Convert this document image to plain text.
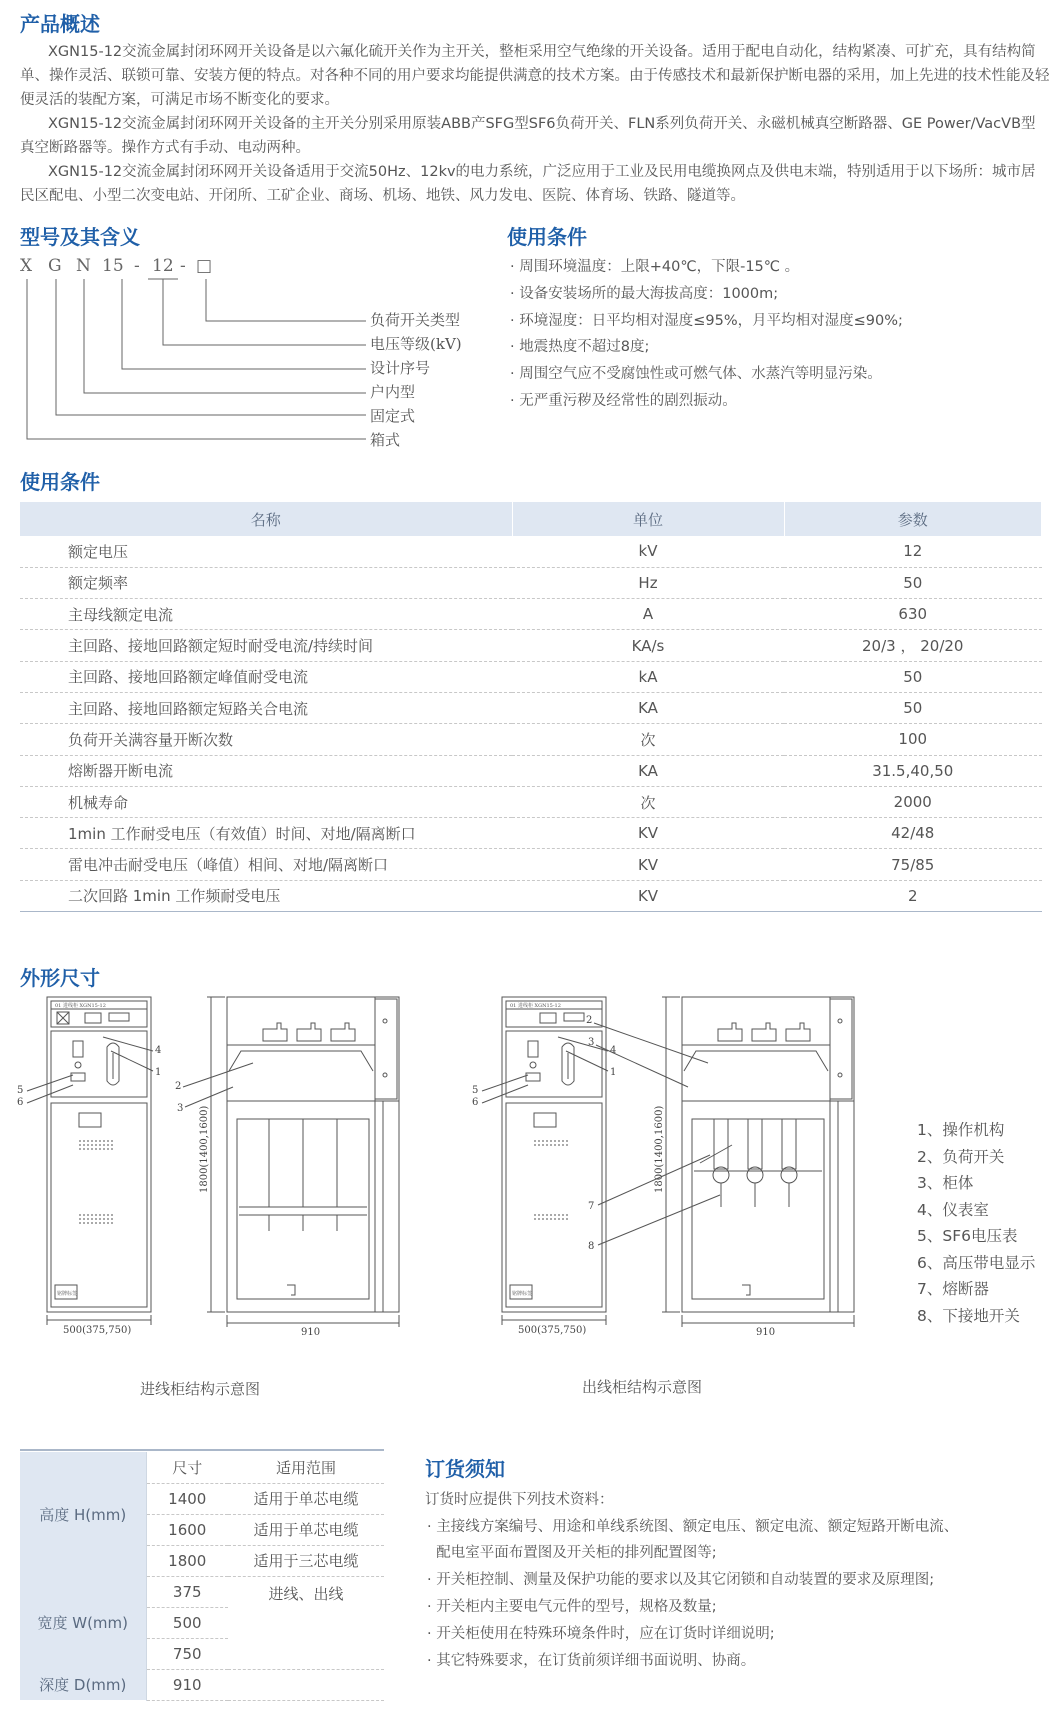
产品概述
XGN15-12交流金属封闭环网开关设备是以六氟化硫开关作为主开关，整柜采用空气绝缘的开关设备。适用于配电自动化，结构紧凑、可扩充，具有结构简单、操作灵活、联锁可靠、安装方便的特点。对各种不同的用户要求均能提供满意的技术方案。由于传感技术和最新保护断电器的采用，加上先进的技术性能及轻便灵活的装配方案，可满足市场不断变化的要求。
XGN15-12交流金属封闭环网开关设备的主开关分别采用原装ABB产SFG型SF6负荷开关、FLN系列负荷开关、永磁机械真空断路器、GE Power/VacVB型真空断路器等。操作方式有手动、电动两种。
XGN15-12交流金属封闭环网开关设备适用于交流50Hz、12kv的电力系统，广泛应用于工业及民用电缆换网点及供电末端，特别适用于以下场所：城市居民区配电、小型二次变电站、开闭所、工矿企业、商场、机场、地铁、风力发电、医院、体育场、铁路、隧道等。
型号及其含义
X G N 15 - 12 - □
负荷开关类型
电压等级(kV)
设计序号
户内型
固定式
箱式
使用条件
· 周围环境温度：上限+40℃，下限-15℃ 。
· 设备安装场所的最大海拔高度：1000m;
· 环境湿度：日平均相对湿度≤95%，月平均相对湿度≤90%;
· 地震热度不超过8度;
· 周围空气应不受腐蚀性或可燃气体、水蒸汽等明显污染。
· 无严重污秽及经常性的剧烈振动。
使用条件
名称	单位	参数
额定电压	kV	12
额定频率	Hz	50
主母线额定电流	A	630
主回路、接地回路额定短时耐受电流/持续时间	KA/s	20/3 ， 20/20
主回路、接地回路额定峰值耐受电流	kA	50
主回路、接地回路额定短路关合电流	KA	50
负荷开关满容量开断次数	次	100
熔断器开断电流	KA	31.5,40,50
机械寿命	次	2000
1min 工作耐受电压（有效值）时间、对地/隔离断口	KV	42/48
雷电冲击耐受电压（峰值）相间、对地/隔离断口	KV	75/85
二次回路 1min 工作频耐受电压	KV	2
外形尺寸
4
1
5
6
2
3
500(375,750)	910
1800(1400,1600)
01 进线柜 XGN15-12
铭牌标签
进线柜结构示意图
4
1
5
6
2
3
7
8
500(375,750)	910
1800(1400,1600)
01 进线柜 XGN15-12
铭牌标签
出线柜结构示意图
1、操作机构
2、负荷开关
3、柜体
4、仪表室
5、SF6电压表
6、高压带电显示
7、熔断器
8、下接地开关
高度 H(mm)	尺寸	适用范围
	1400	适用于单芯电缆
	1600	适用于单芯电缆
	1800	适用于三芯电缆
宽度 W(mm)	375	进线、出线
	500	
	750	
深度 D(mm)	910	
订货须知
订货时应提供下列技术资料：
· 主接线方案编号、用途和单线系统图、额定电压、额定电流、额定短路开断电流、
配电室平面布置图及开关柜的排列配置图等;
· 开关柜控制、测量及保护功能的要求以及其它闭锁和自动装置的要求及原理图;
· 开关柜内主要电气元件的型号，规格及数量;
· 开关柜使用在特殊环境条件时，应在订货时详细说明;
· 其它特殊要求，在订货前须详细书面说明、协商。
